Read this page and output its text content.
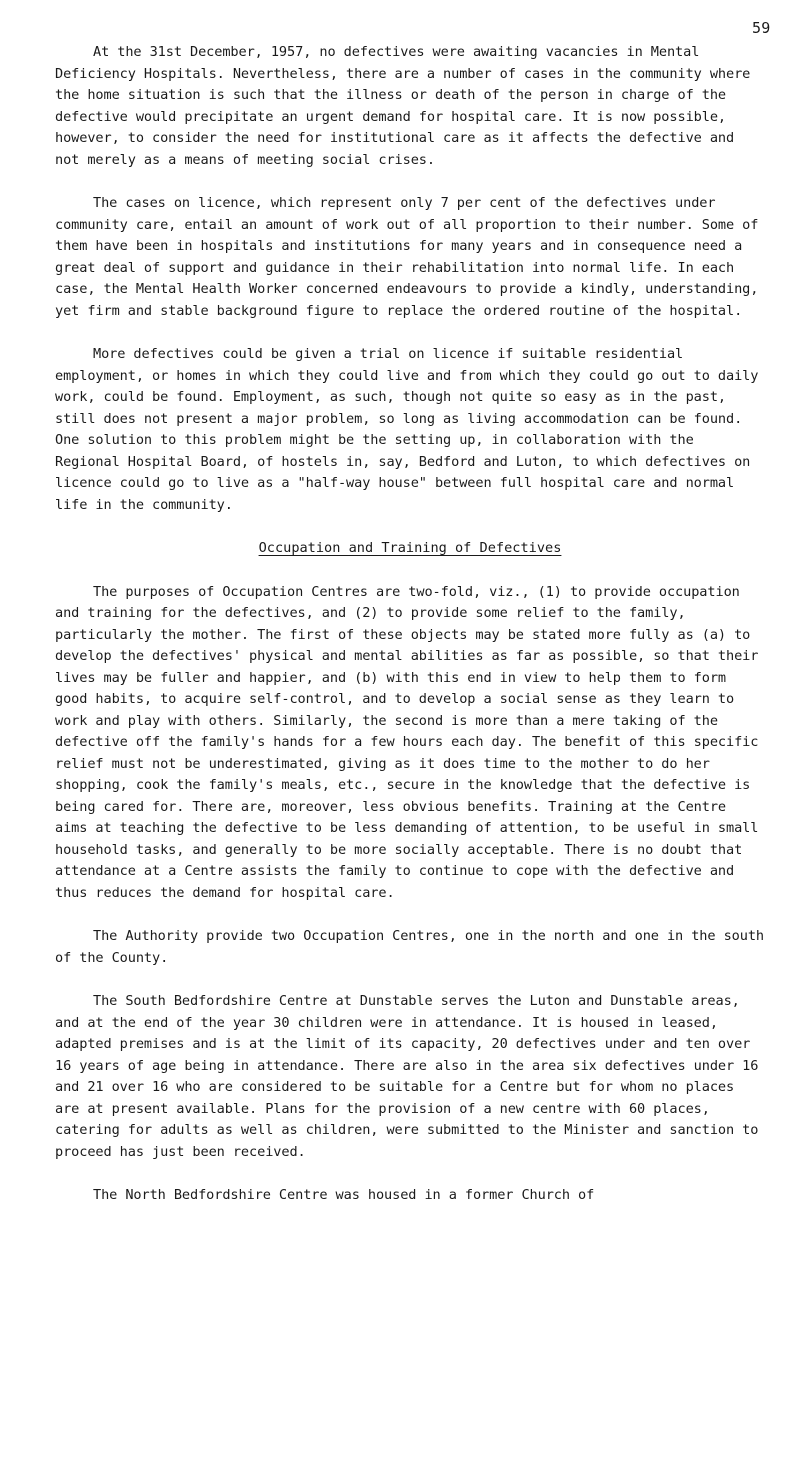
59

At the 31st December, 1957, no defectives were awaiting vacancies in Mental Deficiency Hospitals. Nevertheless, there are a number of cases in the community where the home situation is such that the illness or death of the person in charge of the defective would precipitate an urgent demand for hospital care. It is now possible, however, to consider the need for institutional care as it affects the defective and not merely as a means of meeting social crises.

The cases on licence, which represent only 7 per cent of the defectives under community care, entail an amount of work out of all proportion to their number. Some of them have been in hospitals and institutions for many years and in consequence need a great deal of support and guidance in their rehabilitation into normal life. In each case, the Mental Health Worker concerned endeavours to provide a kindly, understanding, yet firm and stable background figure to replace the ordered routine of the hospital.

More defectives could be given a trial on licence if suitable residential employment, or homes in which they could live and from which they could go out to daily work, could be found. Employment, as such, though not quite so easy as in the past, still does not present a major problem, so long as living accommodation can be found. One solution to this problem might be the setting up, in collaboration with the Regional Hospital Board, of hostels in, say, Bedford and Luton, to which defectives on licence could go to live as a "half-way house" between full hospital care and normal life in the community.

Occupation and Training of Defectives

The purposes of Occupation Centres are two-fold, viz., (1) to provide occupation and training for the defectives, and (2) to provide some relief to the family, particularly the mother. The first of these objects may be stated more fully as (a) to develop the defectives' physical and mental abilities as far as possible, so that their lives may be fuller and happier, and (b) with this end in view to help them to form good habits, to acquire self-control, and to develop a social sense as they learn to work and play with others. Similarly, the second is more than a mere taking of the defective off the family's hands for a few hours each day. The benefit of this specific relief must not be underestimated, giving as it does time to the mother to do her shopping, cook the family's meals, etc., secure in the knowledge that the defective is being cared for. There are, moreover, less obvious benefits. Training at the Centre aims at teaching the defective to be less demanding of attention, to be useful in small household tasks, and generally to be more socially acceptable. There is no doubt that attendance at a Centre assists the family to continue to cope with the defective and thus reduces the demand for hospital care.

The Authority provide two Occupation Centres, one in the north and one in the south of the County.

The South Bedfordshire Centre at Dunstable serves the Luton and Dunstable areas, and at the end of the year 30 children were in attendance. It is housed in leased, adapted premises and is at the limit of its capacity, 20 defectives under and ten over 16 years of age being in attendance. There are also in the area six defectives under 16 and 21 over 16 who are considered to be suitable for a Centre but for whom no places are at present available. Plans for the provision of a new centre with 60 places, catering for adults as well as children, were submitted to the Minister and sanction to proceed has just been received.

The North Bedfordshire Centre was housed in a former Church of
